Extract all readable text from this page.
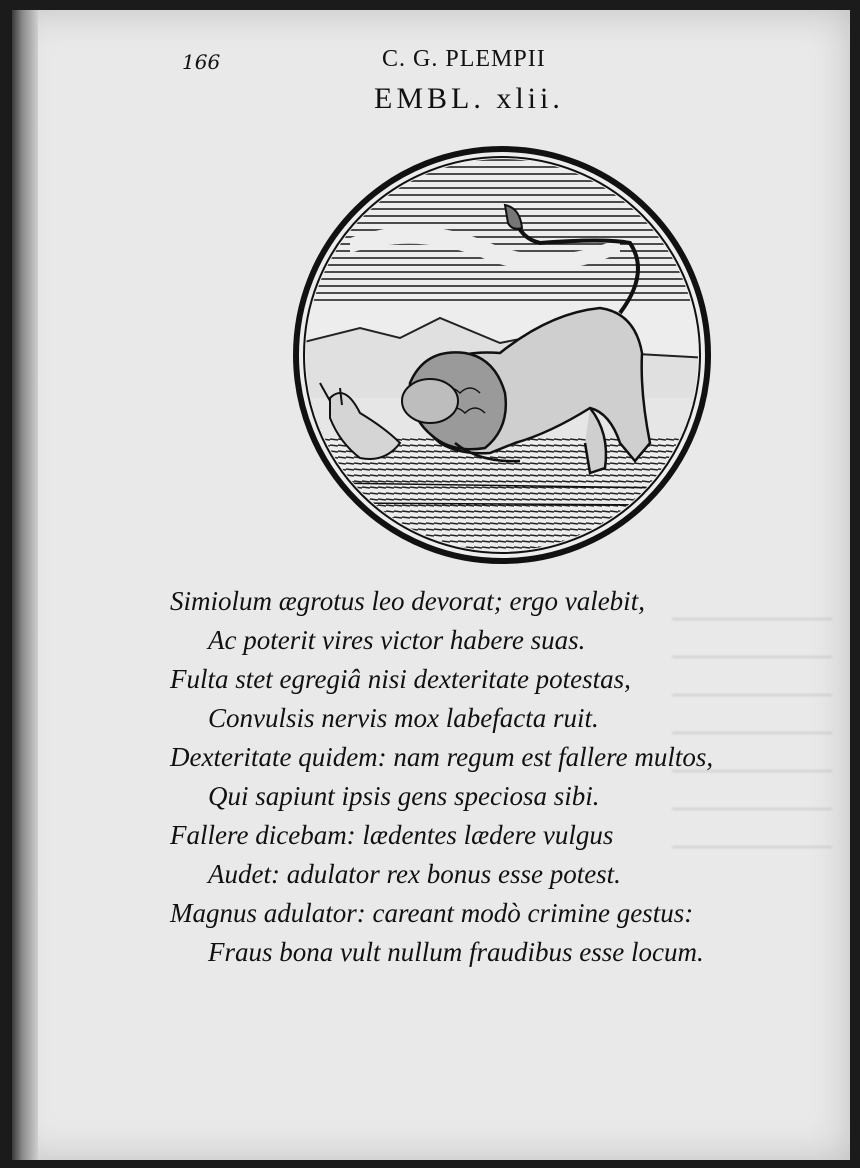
166	C. G. PLEMPII
EMBL. xlii.
Simiolum ægrotus leo devorat; ergo valebit,
Ac poterit vires victor habere suas.
Fulta stet egregiâ nisi dexteritate potestas,
Convulsis nervis mox labefacta ruit.
Dexteritate quidem: nam regum est fallere multos,
Qui sapiunt ipsis gens speciosa sibi.
Fallere dicebam: lædentes lædere vulgus
Audet: adulator rex bonus esse potest.
Magnus adulator: careant modò crimine gestus:
Fraus bona vult nullum fraudibus esse locum.
